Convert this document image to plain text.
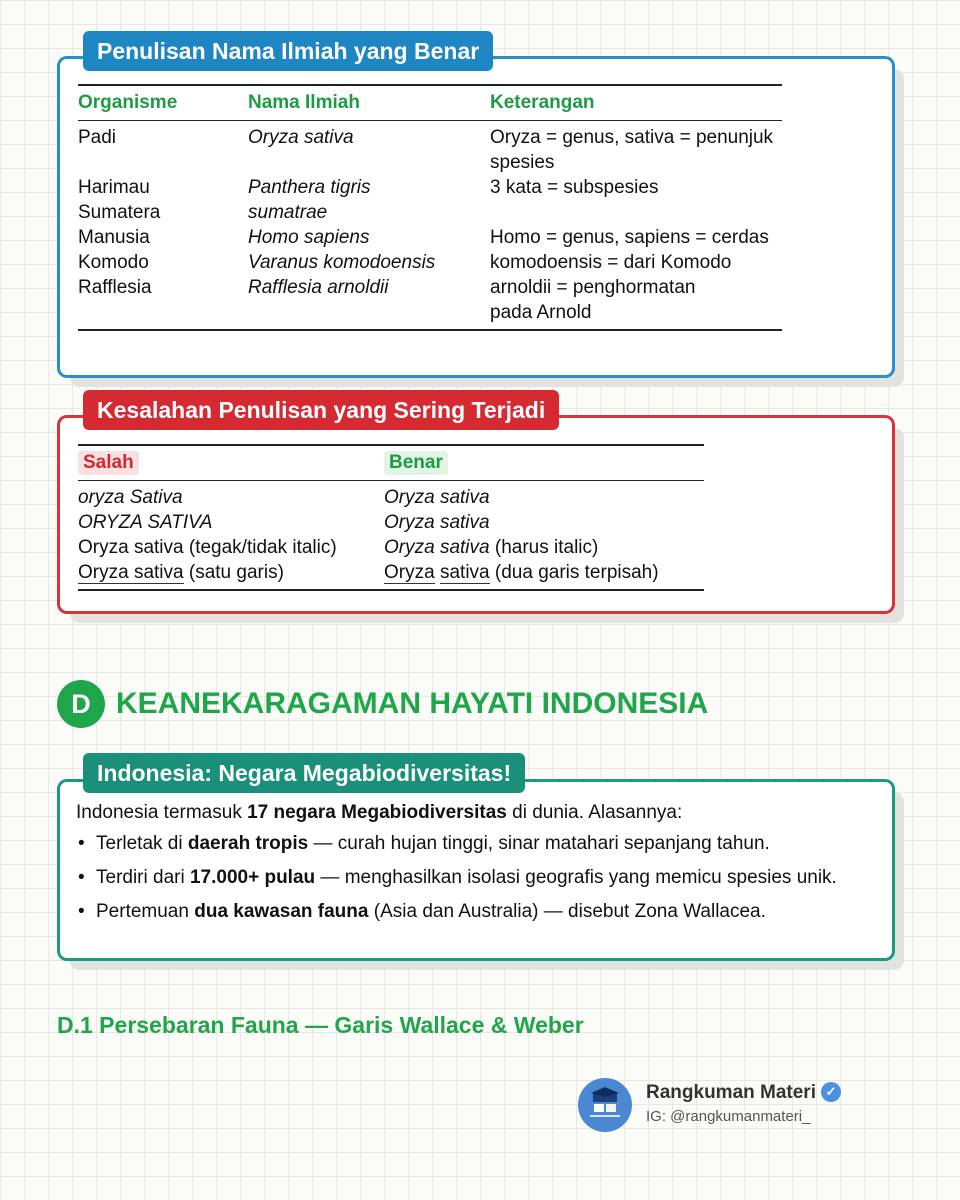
Penulisan Nama Ilmiah yang Benar
Organisme	Nama Ilmiah	Keterangan
Padi	Oryza sativa	Oryza = genus, sativa = penunjuk spesies
Harimau Sumatera	Panthera tigris sumatrae	3 kata = subspesies
Manusia	Homo sapiens	Homo = genus, sapiens = cerdas
Komodo	Varanus komodoensis	komodoensis = dari Komodo
Rafflesia	Rafflesia arnoldii	arnoldii = penghormatan pada Arnold
Kesalahan Penulisan yang Sering Terjadi
Salah	Benar
oryza Sativa	Oryza sativa
ORYZA SATIVA	Oryza sativa
Oryza sativa (tegak/tidak italic)	Oryza sativa (harus italic)
Oryza sativa (satu garis)	Oryza sativa (dua garis terpisah)
D KEANEKARAGAMAN HAYATI INDONESIA
Indonesia: Negara Megabiodiversitas!
Indonesia termasuk 17 negara Megabiodiversitas di dunia. Alasannya:
• Terletak di daerah tropis — curah hujan tinggi, sinar matahari sepanjang tahun.
• Terdiri dari 17.000+ pulau — menghasilkan isolasi geografis yang memicu spesies unik.
• Pertemuan dua kawasan fauna (Asia dan Australia) — disebut Zona Wallacea.
D.1 Persebaran Fauna — Garis Wallace & Weber
Rangkuman Materi ✓
IG: @rangkumanmateri_
